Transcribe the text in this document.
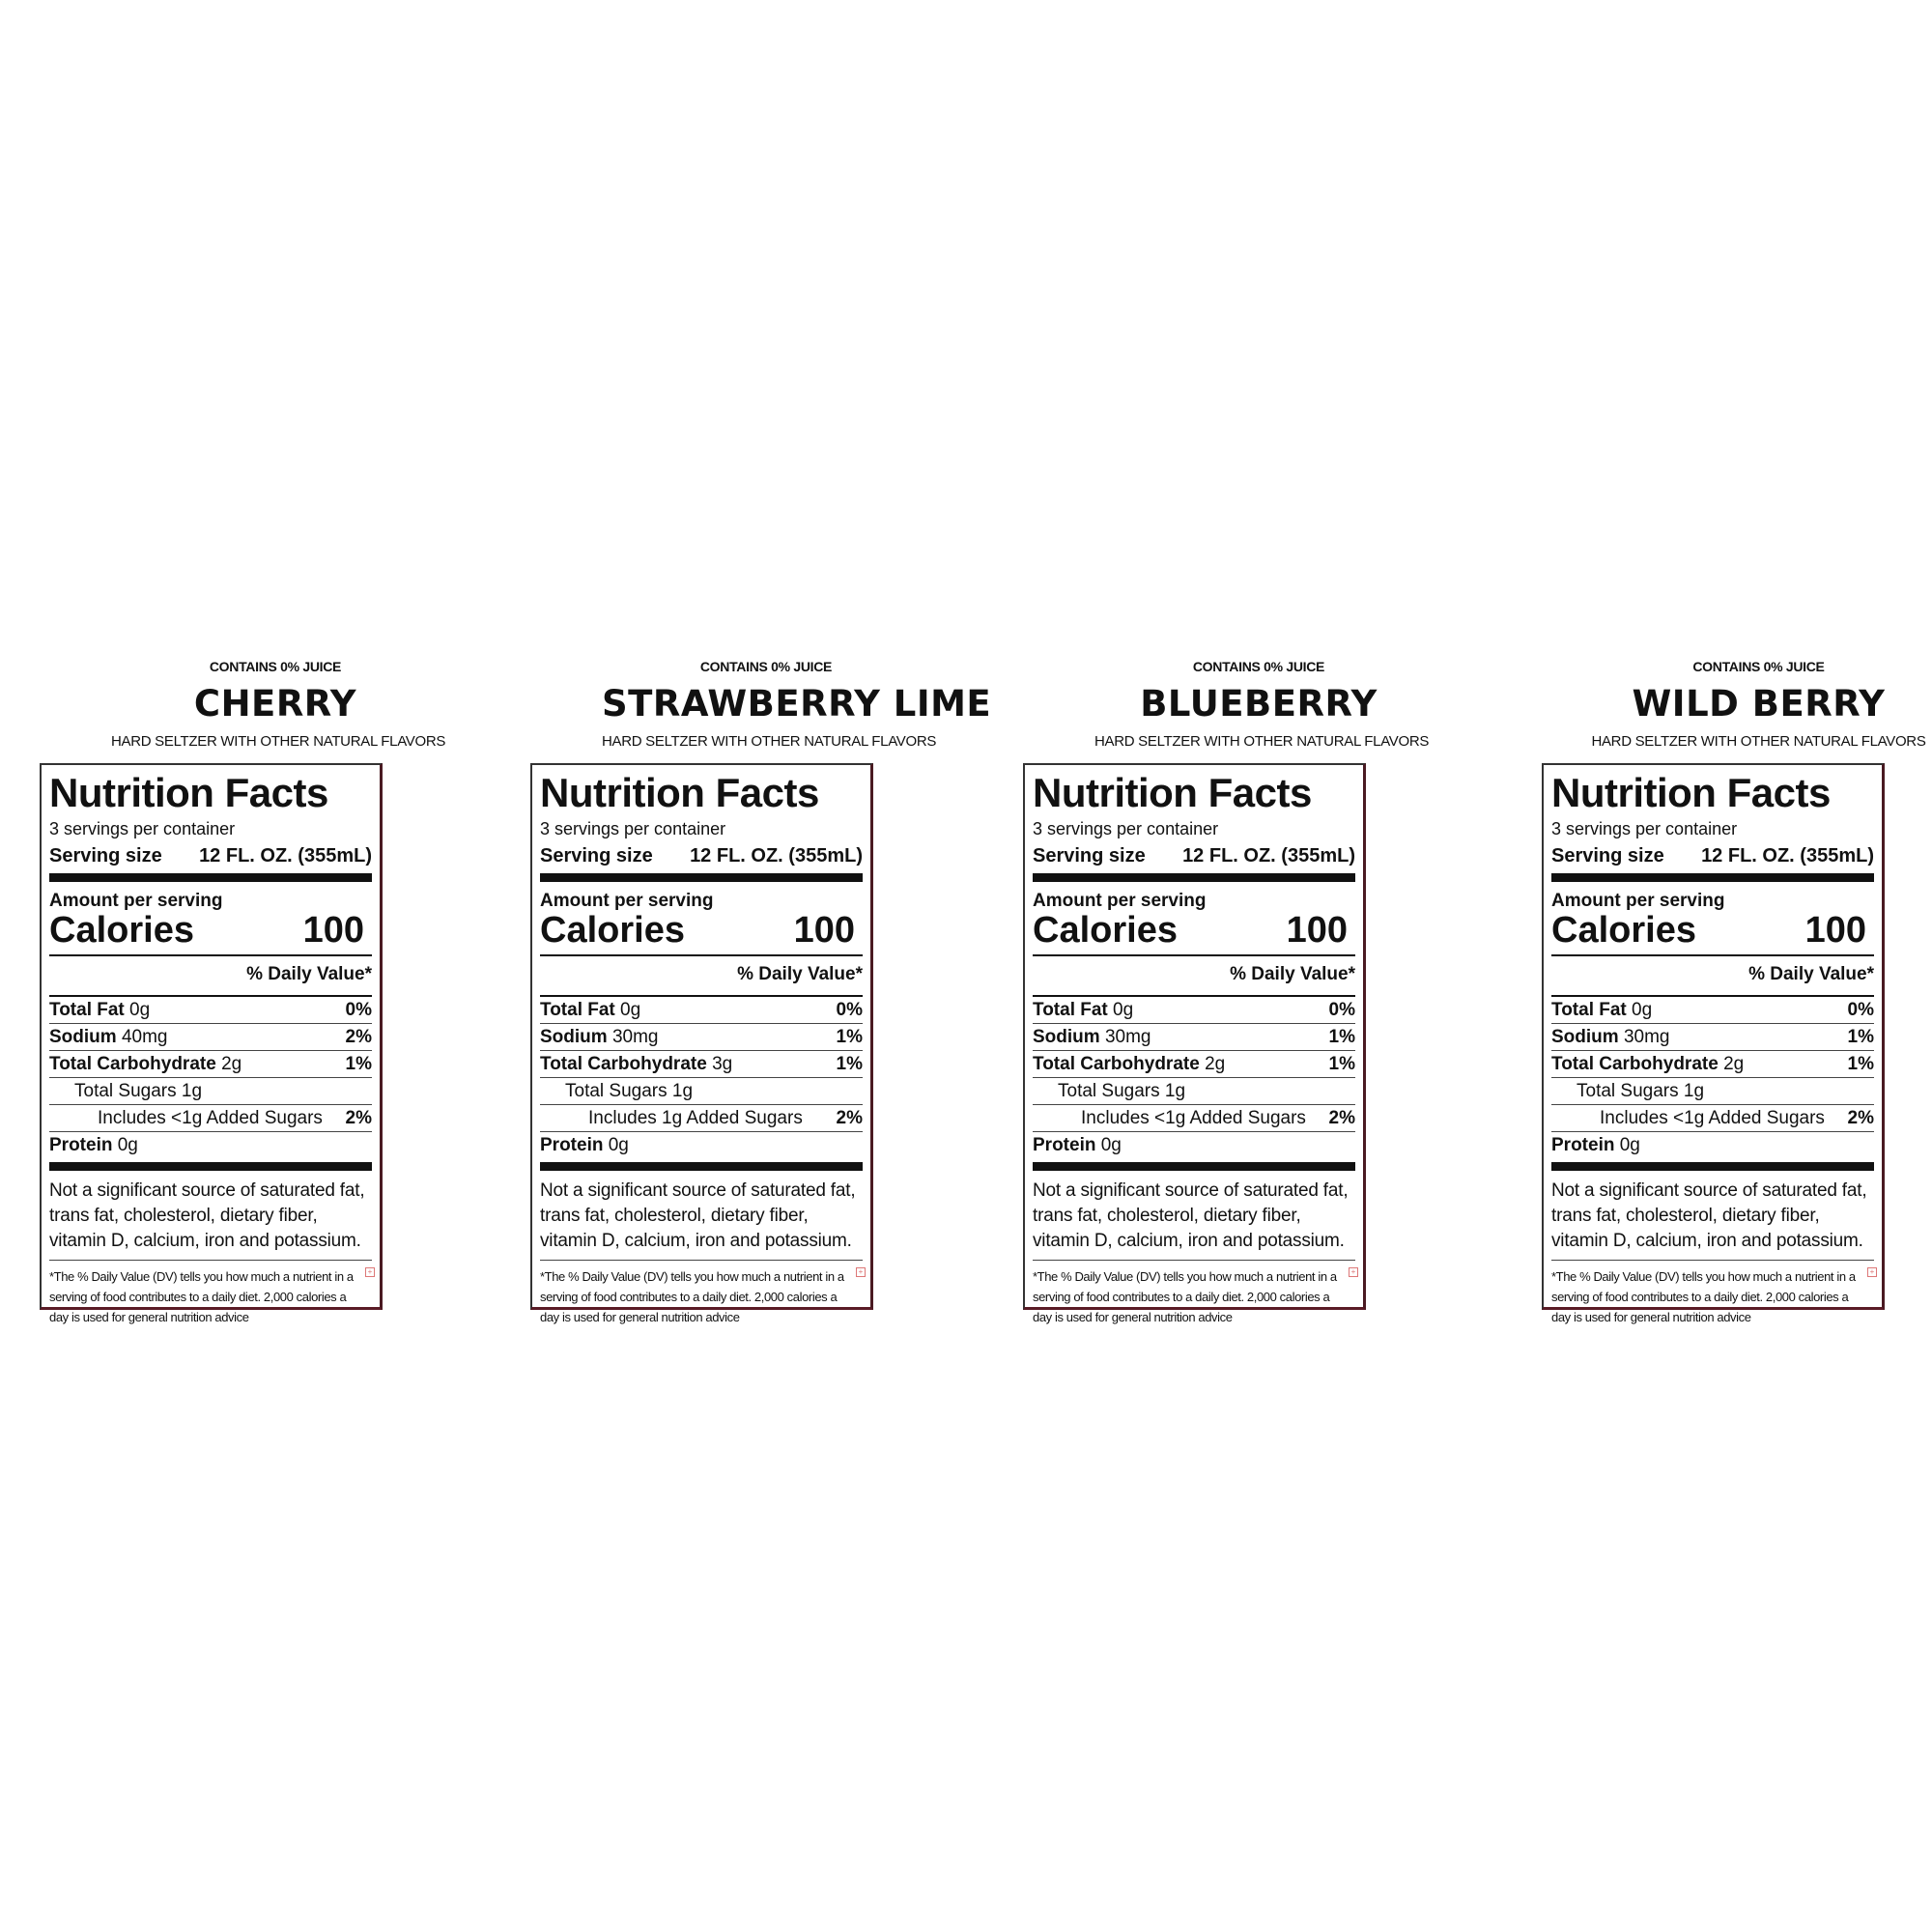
CONTAINS 0% JUICE
CHERRY
HARD SELTZER WITH OTHER NATURAL FLAVORS
Nutrition Facts
3 servings per container
Serving size 12 FL. OZ. (355mL)
Amount per serving
Calories	100
% Daily Value*
Total Fat 0g	0%
Sodium 40mg	2%
Total Carbohydrate 2g	1%
Total Sugars 1g
Includes <1g Added Sugars 2%
Protein 0g
Not a significant source of saturated fat, trans fat, cholesterol, dietary fiber, vitamin D, calcium, iron and potassium.
*The % Daily Value (DV) tells you how much a nutrient in a serving of food contributes to a daily diet. 2,000 calories a day is used for general nutrition advice
+
CONTAINS 0% JUICE
STRAWBERRY LIME
HARD SELTZER WITH OTHER NATURAL FLAVORS
Nutrition Facts
3 servings per container
Serving size 12 FL. OZ. (355mL)
Amount per serving
Calories	100
% Daily Value*
Total Fat 0g	0%
Sodium 30mg	1%
Total Carbohydrate 3g	1%
Total Sugars 1g
Includes 1g Added Sugars 2%
Protein 0g
Not a significant source of saturated fat, trans fat, cholesterol, dietary fiber, vitamin D, calcium, iron and potassium.
*The % Daily Value (DV) tells you how much a nutrient in a serving of food contributes to a daily diet. 2,000 calories a day is used for general nutrition advice
+
CONTAINS 0% JUICE
BLUEBERRY
HARD SELTZER WITH OTHER NATURAL FLAVORS
Nutrition Facts
3 servings per container
Serving size 12 FL. OZ. (355mL)
Amount per serving
Calories	100
% Daily Value*
Total Fat 0g	0%
Sodium 30mg	1%
Total Carbohydrate 2g	1%
Total Sugars 1g
Includes <1g Added Sugars 2%
Protein 0g
Not a significant source of saturated fat, trans fat, cholesterol, dietary fiber, vitamin D, calcium, iron and potassium.
*The % Daily Value (DV) tells you how much a nutrient in a serving of food contributes to a daily diet. 2,000 calories a day is used for general nutrition advice
+
CONTAINS 0% JUICE
WILD BERRY
HARD SELTZER WITH OTHER NATURAL FLAVORS
Nutrition Facts
3 servings per container
Serving size 12 FL. OZ. (355mL)
Amount per serving
Calories	100
% Daily Value*
Total Fat 0g	0%
Sodium 30mg	1%
Total Carbohydrate 2g	1%
Total Sugars 1g
Includes <1g Added Sugars 2%
Protein 0g
Not a significant source of saturated fat, trans fat, cholesterol, dietary fiber, vitamin D, calcium, iron and potassium.
*The % Daily Value (DV) tells you how much a nutrient in a serving of food contributes to a daily diet. 2,000 calories a day is used for general nutrition advice
+
